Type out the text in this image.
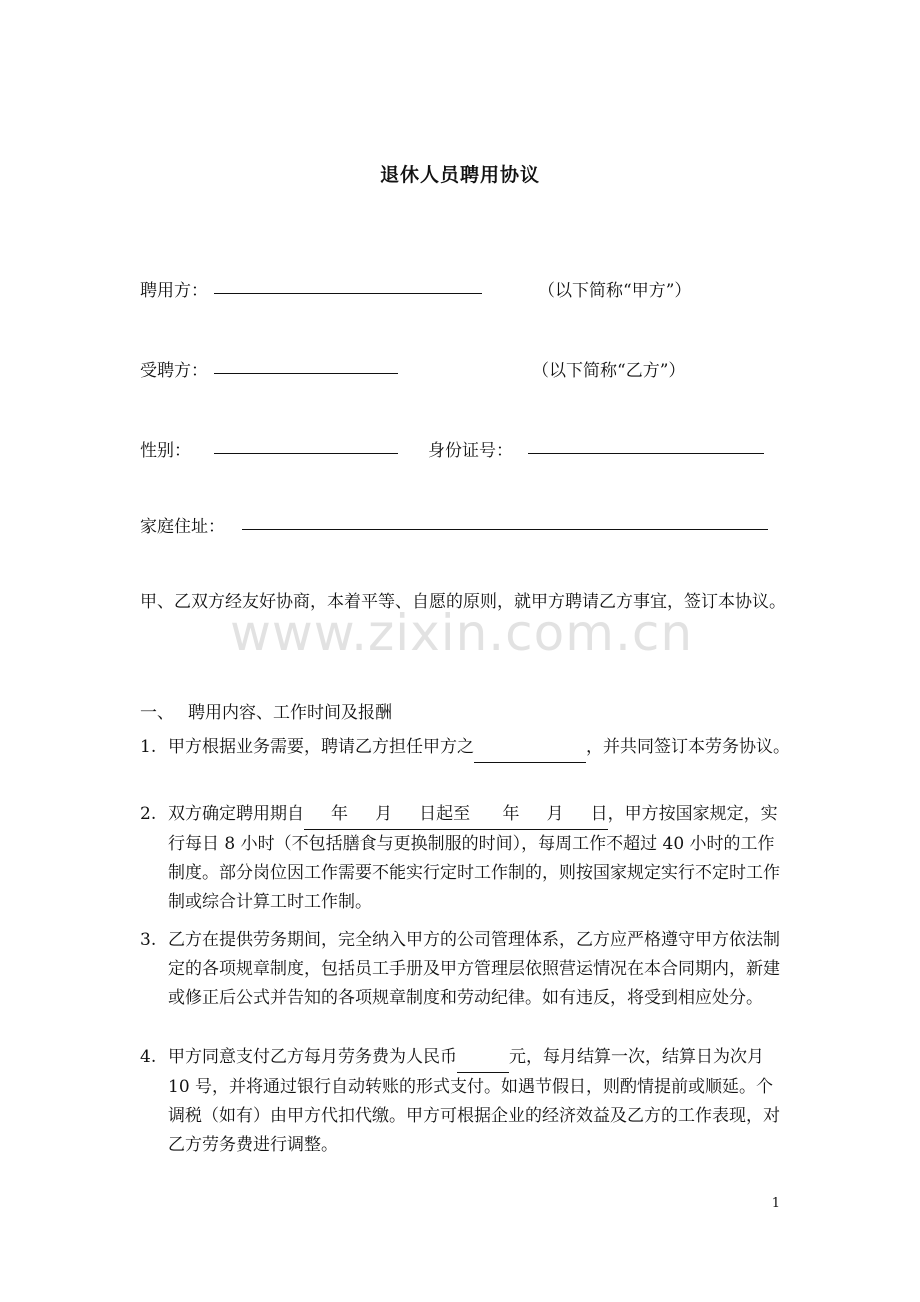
退休人员聘用协议
聘用方：	（以下简称“甲方”）
受聘方：	（以下简称“乙方”）
性别：	身份证号：
家庭住址：
甲、乙双方经友好协商，本着平等、自愿的原则，就甲方聘请乙方事宜，签订本协议。
www.zixin.com.cn
一、 聘用内容、工作时间及报酬
1. 甲方根据业务需要，聘请乙方担任甲方之	，并共同签订本劳务协议。
2. 双方确定聘用期自 年 月 日起至 年 月 日，甲方按国家规定，实行每日 8 小时（不包括膳食与更换制服的时间），每周工作不超过 40 小时的工作制度。部分岗位因工作需要不能实行定时工作制的，则按国家规定实行不定时工作制或综合计算工时工作制。
3. 乙方在提供劳务期间，完全纳入甲方的公司管理体系，乙方应严格遵守甲方依法制定的各项规章制度，包括员工手册及甲方管理层依照营运情况在本合同期内，新建或修正后公式并告知的各项规章制度和劳动纪律。如有违反，将受到相应处分。
4. 甲方同意支付乙方每月劳务费为人民币	元，每月结算一次，结算日为次月 10 号，并将通过银行自动转账的形式支付。如遇节假日，则酌情提前或顺延。个调税（如有）由甲方代扣代缴。甲方可根据企业的经济效益及乙方的工作表现，对乙方劳务费进行调整。
1
